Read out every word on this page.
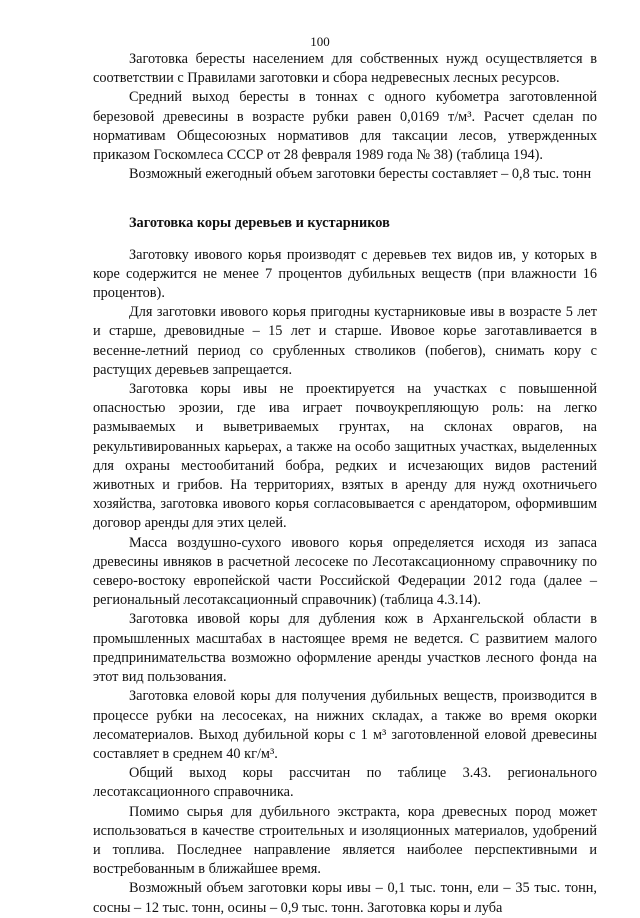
100

Заготовка бересты населением для собственных нужд осуществляется в соответствии с Правилами заготовки и сбора недревесных лесных ресурсов.

Средний выход бересты в тоннах с одного кубометра заготовленной березовой древесины в возрасте рубки равен 0,0169 т/м³. Расчет сделан по нормативам Общесоюзных нормативов для таксации лесов, утвержденных приказом Госкомлеса СССР от 28 февраля 1989 года № 38) (таблица 194).

Возможный ежегодный объем заготовки бересты составляет – 0,8 тыс. тонн

Заготовка коры деревьев и кустарников

Заготовку ивового корья производят с деревьев тех видов ив, у которых в коре содержится не менее 7 процентов дубильных веществ (при влажности 16 процентов).

Для заготовки ивового корья пригодны кустарниковые ивы в возрасте 5 лет и старше, древовидные – 15 лет и старше. Ивовое корье заготавливается в весенне-летний период со срубленных стволиков (побегов), снимать кору с растущих деревьев запрещается.

Заготовка коры ивы не проектируется на участках с повышенной опасностью эрозии, где ива играет почвоукрепляющую роль: на легко размываемых и выветриваемых грунтах, на склонах оврагов, на рекультивированных карьерах, а также на особо защитных участках, выделенных для охраны местообитаний бобра, редких и исчезающих видов растений животных и грибов. На территориях, взятых в аренду для нужд охотничьего хозяйства, заготовка ивового корья согласовывается с арендатором, оформившим договор аренды для этих целей.

Масса воздушно-сухого ивового корья определяется исходя из запаса древесины ивняков в расчетной лесосеке по Лесотаксационному справочнику по северо-востоку европейской части Российской Федерации 2012 года (далее – региональный лесотаксационный справочник) (таблица 4.3.14).

Заготовка ивовой коры для дубления кож в Архангельской области в промышленных масштабах в настоящее время не ведется. С развитием малого предпринимательства возможно оформление аренды участков лесного фонда на этот вид пользования.

Заготовка еловой коры для получения дубильных веществ, производится в процессе рубки на лесосеках, на нижних складах, а также во время окорки лесоматериалов. Выход дубильной коры с 1 м³ заготовленной еловой древесины составляет в среднем 40 кг/м³.

Общий выход коры рассчитан по таблице 3.43. регионального лесотаксационного справочника.

Помимо сырья для дубильного экстракта, кора древесных пород может использоваться в качестве строительных и изоляционных материалов, удобрений и топлива. Последнее направление является наиболее перспективными и востребованным в ближайшее время.

Возможный объем заготовки коры ивы – 0,1 тыс. тонн, ели – 35 тыс. тонн, сосны – 12 тыс. тонн, осины – 0,9 тыс. тонн. Заготовка коры и луба
